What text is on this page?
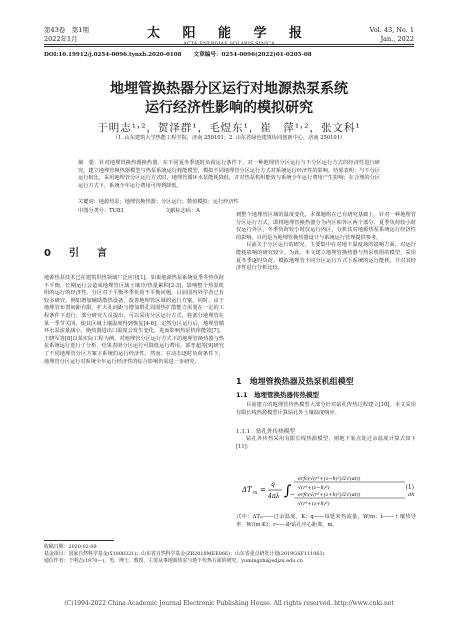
第43卷　第1期
2022年1月	太 阳 能 学 报
ACTA ENERGIAE SOLARIS SINICA
Vol. 43, No. 1
Jan., 2022
DOI:10.19912/j.0254-0096.tynxb.2020-0108 文章编号：0254-0096(2022)01-0205-08
地埋管换热器分区运行对地源热泵系统
运行经济性影响的模拟研究
于明志¹˒²，贺泽群¹，毛煜东¹，崔　萍¹˒²，张文科¹
（1. 山东建筑大学热能工程学院，济南 250101；2. 山东省绿色建筑协同创新中心，济南 250101）
摘　要：针对地埋管换热器换热器，在不同夏冬季逐时负荷运行条件下，对一种地埋管分区运行与不分区运行方式的经济性进行研究。建立地埋管换热器模型与热泵系统运行耗能模型，模拟不同地埋管分区运行方式对系统运行经济性的影响。结果表明：与不分区运行相比，采用地埋管分区运行方式时，地埋管循环水泵能耗降低，并对热泵机组能效与系统全年运行费用产生影响；在合理的分区运行方式下，系统全年运行费用可得到降低。
关键词：地源热泵；地埋管换热器；分区运行；数值模拟；运行经济性
中图分类号：TU83　　　　　　　　文献标志码：A
0　引　言
地源热泵技术已在建筑供热领域广泛应用[1]。如果地源热泵系统夏季冬热负荷不平衡，长期运行会造成地埋管区域土壤冷/热量累积[2-3]，影响整个热泵机组的运行的经济性。分区对于平衡冬季负荷不平衡问题，目前国内外学者已有较多研究，例如增加辅助散热设备，改善地埋管区域的运行方案。同时，由于地埋管布置间距有限，扩大孔间距与增加群孔周围热扩散能力需要在一定的工程条件下进行，部分研究人员提出，可以采用分区运行方式，将部分地埋管在某一季节关闭，使其区域土壤温度得到恢复[4-6]。定然分区运行后，地埋管循环水泵流量减小，换热器进出口温度会发生变化，进而影响热泵机组能效[7]。王晓军等[8]以某实际工程为例，对地埋管分区运行方式下的地埋管换热器与热泵系统运行进行了分析，结果表明分区运行可降低运行费用。郭孝超等[9]研究了不同地埋管分区方案下系统的运行经济性。然而，在动态逐时负荷条件下，地埋管分区运行对系统全年运行经济性的综合影响仍需进一步研究。
到整个地埋管区域的温度变化。本课题组在已有研究基础上，针对一种地埋管分区运行方式，即将地埋管换热器分为内区和外区两个部分，夏季负荷较小时仅运行外区，冬季负荷较小时仅运行内区，分析其对地源热泵系统运行经济性的影响。目的是为地埋管换热器设计与系统运行管理提供参考。
目前关于分区运行的研究，主要集中在对地下温度场的影响方面，对运行能耗影响的研究较少。为此，本文建立地埋管换热器与热泵机组的模型，采用夏冬季逐时负荷，模拟地埋管不同分区运行方式下系统的运行能耗，并对其经济性进行分析比较。
1　地埋管换热器及热泵机组模型
1.1　地埋管换热器传热模型
目前建立的地埋管传热模型大部分针对钻孔传热过程建立[10]，本文采用有限长线热源模型计算钻孔外土壤温度响应。
1.1.1　钻孔外传热模型
钻孔外传热采用有限长线热源模型，则地下某点处过余温度计算式如下[11]：
ΔT m =
q
4πλ ∫
erfc(√(r²+(z−h)²)/2√(at))
√(r²+(z−h)²)
− erfc(√(r²+(z+h)²)/2√(at))
√(r²+(z+h)²)
dh
(1)
式中：ΔTₘ——过余温度，K；q——每延米热流量，W/m；λ——土壤热导率，W/(m·K)；r——距钻孔中心距离，m。
收稿日期：2020-02-09
基金项目：国家自然科学基金(51808321)；山东省自然科学基金(ZR2019MEE066)；山东省重点研发计划(2019GSF111063)
通信作者：于明志(1970—)，男，博士，教授，主要从事地源热泵与地下传热方面的研究。yumingzhi@sdjzu.edu.cn
(C)1994-2022 China Academic Journal Electronic Publishing House. All rights reserved. http://www.cnki.net
